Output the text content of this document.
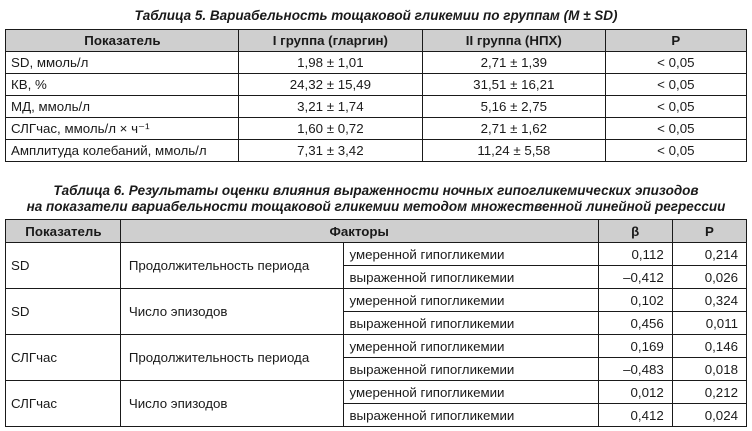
Таблица 5. Вариабельность тощаковой гликемии по группам (M ± SD)
Показатель	I группа (гларгин)	II группа (НПХ)	P
SD, ммоль/л	1,98 ± 1,01	2,71 ± 1,39	< 0,05
КВ, %	24,32 ± 15,49	31,51 ± 16,21	< 0,05
МД, ммоль/л	3,21 ± 1,74	5,16 ± 2,75	< 0,05
СЛГчас, ммоль/л × ч⁻¹	1,60 ± 0,72	2,71 ± 1,62	< 0,05
Амплитуда колебаний, ммоль/л	7,31 ± 3,42	11,24 ± 5,58	< 0,05
Таблица 6. Результаты оценки влияния выраженности ночных гипогликемических эпизодов
на показатели вариабельности тощаковой гликемии методом множественной линейной регрессии
Показатель	Факторы		β	P
SD	Продолжительность периода	умеренной гипогликемии	0,112	0,214
		выраженной гипогликемии	–0,412	0,026
SD	Число эпизодов	умеренной гипогликемии	0,102	0,324
		выраженной гипогликемии	0,456	0,011
СЛГчас	Продолжительность периода	умеренной гипогликемии	0,169	0,146
		выраженной гипогликемии	–0,483	0,018
СЛГчас	Число эпизодов	умеренной гипогликемии	0,012	0,212
		выраженной гипогликемии	0,412	0,024
